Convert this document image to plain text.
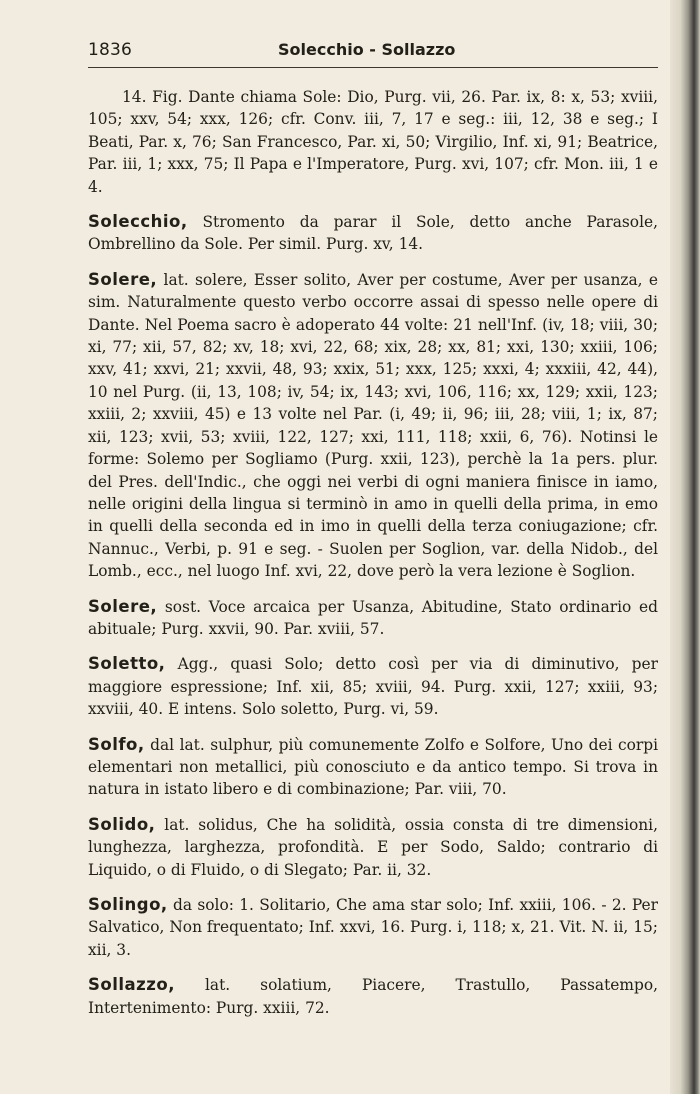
1836	Solecchio - Sollazzo

14. Fig. Dante chiama Sole: Dio, Purg. vii, 26. Par. ix, 8: x, 53; xviii, 105; xxv, 54; xxx, 126; cfr. Conv. iii, 7, 17 e seg.: iii, 12, 38 e seg.; I Beati, Par. x, 76; San Francesco, Par. xi, 50; Virgilio, Inf. xi, 91; Beatrice, Par. iii, 1; xxx, 75; Il Papa e l'Imperatore, Purg. xvi, 107; cfr. Mon. iii, 1 e 4.

Solecchio, Stromento da parar il Sole, detto anche Parasole, Ombrellino da Sole. Per simil. Purg. xv, 14.

Solere, lat. solere, Esser solito, Aver per costume, Aver per usanza, e sim. Naturalmente questo verbo occorre assai di spesso nelle opere di Dante. Nel Poema sacro è adoperato 44 volte: 21 nell'Inf. (iv, 18; viii, 30; xi, 77; xii, 57, 82; xv, 18; xvi, 22, 68; xix, 28; xx, 81; xxi, 130; xxiii, 106; xxv, 41; xxvi, 21; xxvii, 48, 93; xxix, 51; xxx, 125; xxxi, 4; xxxiii, 42, 44), 10 nel Purg. (ii, 13, 108; iv, 54; ix, 143; xvi, 106, 116; xx, 129; xxii, 123; xxiii, 2; xxviii, 45) e 13 volte nel Par. (i, 49; ii, 96; iii, 28; viii, 1; ix, 87; xii, 123; xvii, 53; xviii, 122, 127; xxi, 111, 118; xxii, 6, 76). Notinsi le forme: Solemo per Sogliamo (Purg. xxii, 123), perchè la 1a pers. plur. del Pres. dell'Indic., che oggi nei verbi di ogni maniera finisce in iamo, nelle origini della lingua si terminò in amo in quelli della prima, in emo in quelli della seconda ed in imo in quelli della terza coniugazione; cfr. Nannuc., Verbi, p. 91 e seg. - Suolen per Soglion, var. della Nidob., del Lomb., ecc., nel luogo Inf. xvi, 22, dove però la vera lezione è Soglion.

Solere, sost. Voce arcaica per Usanza, Abitudine, Stato ordinario ed abituale; Purg. xxvii, 90. Par. xviii, 57.

Soletto, Agg., quasi Solo; detto così per via di diminutivo, per maggiore espressione; Inf. xii, 85; xviii, 94. Purg. xxii, 127; xxiii, 93; xxviii, 40. E intens. Solo soletto, Purg. vi, 59.

Solfo, dal lat. sulphur, più comunemente Zolfo e Solfore, Uno dei corpi elementari non metallici, più conosciuto e da antico tempo. Si trova in natura in istato libero e di combinazione; Par. viii, 70.

Solido, lat. solidus, Che ha solidità, ossia consta di tre dimensioni, lunghezza, larghezza, profondità. E per Sodo, Saldo; contrario di Liquido, o di Fluido, o di Slegato; Par. ii, 32.

Solingo, da solo: 1. Solitario, Che ama star solo; Inf. xxiii, 106. - 2. Per Salvatico, Non frequentato; Inf. xxvi, 16. Purg. i, 118; x, 21. Vit. N. ii, 15; xii, 3.

Sollazzo, lat. solatium, Piacere, Trastullo, Passatempo, Intertenimento: Purg. xxiii, 72.
